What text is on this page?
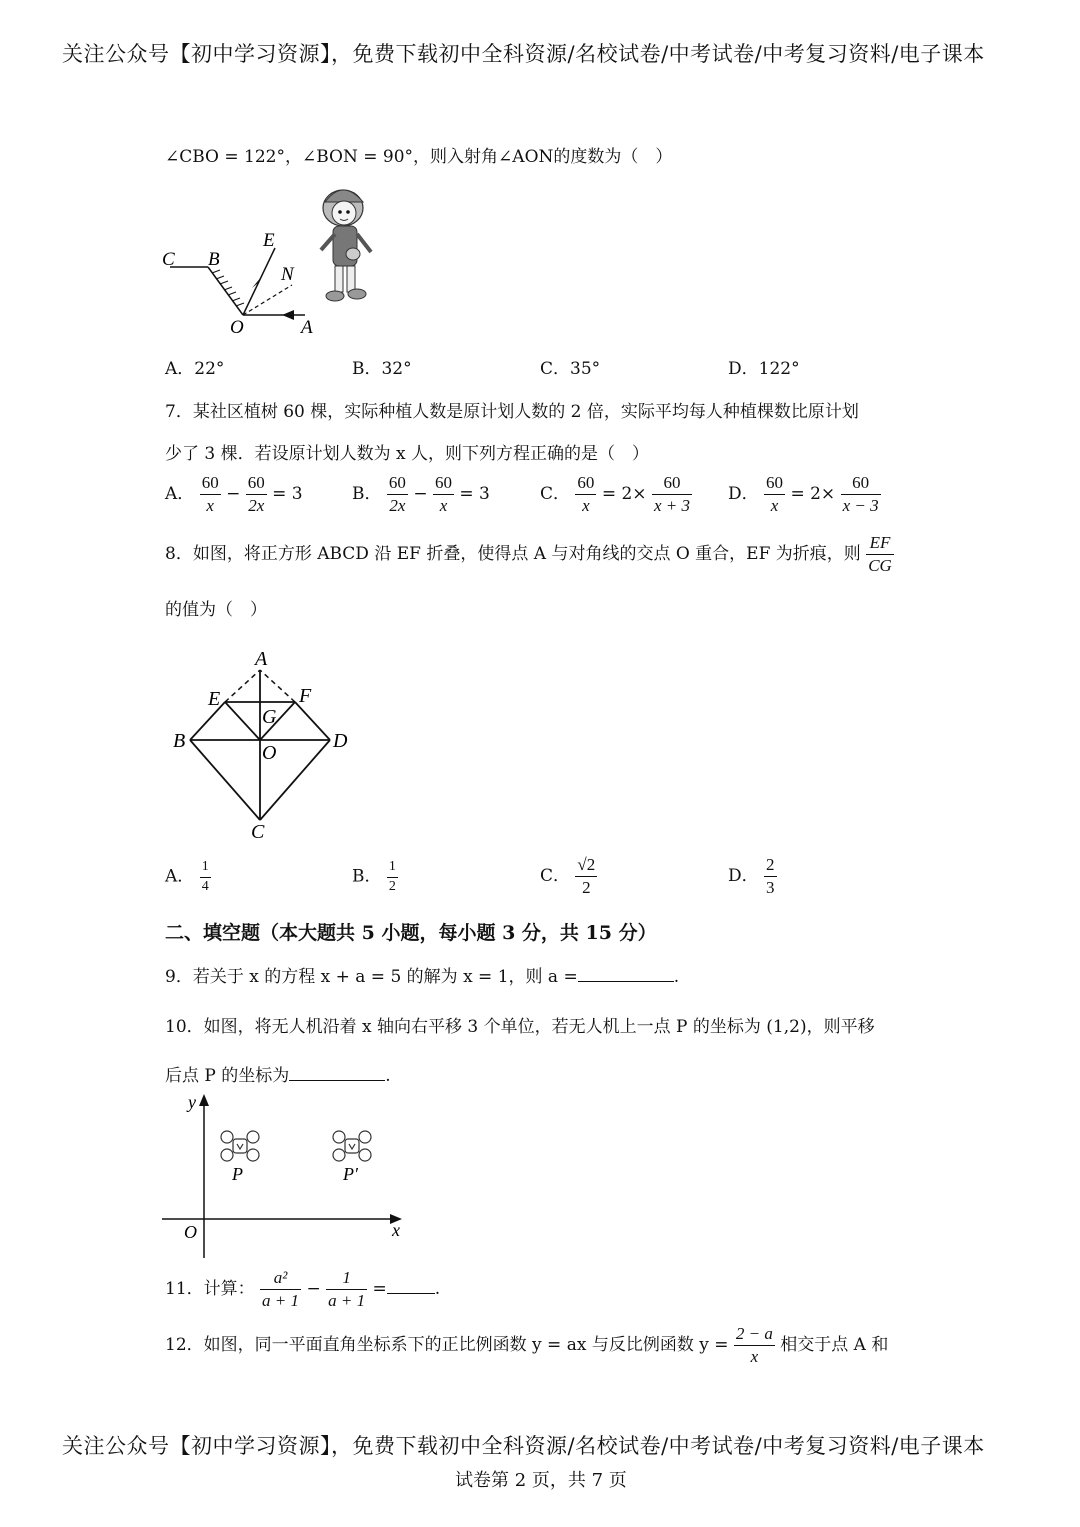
关注公众号【初中学习资源】，免费下载初中全科资源/名校试卷/中考试卷/中考复习资料/电子课本
∠CBO = 122°，∠BON = 90°，则入射角∠AON的度数为（　）
C B
E
N
O	A
A．22°	B．32°	C．35°	D．122°
7．某社区植树 60 棵，实际种植人数是原计划人数的 2 倍，实际平均每人种植棵数比原计划
少了 3 棵．若设原计划人数为 x 人，则下列方程正确的是（　）
A． $\frac{60}{x} - \frac{60}{2x} = 3$	B． $\frac{60}{2x} - \frac{60}{x} = 3$	C． $\frac{60}{x} = 2\times \frac{60}{x + 3}$ D． $\frac{60}{x} = 2\times \frac{60}{x - 3}$
8．如图，将正方形 ABCD 沿 EF 折叠，使得点 A 与对角线的交点 O 重合，EF 为折痕，则 $\frac{EF}{CG}$
的值为（　）
A
E	F
G
B
O
D
C
A． $\frac{1}{4}$	B． $\frac{1}{2}$	C． $\frac{√2}{2}$	D． $\frac{2}{3}$
二、填空题（本大题共 5 小题，每小题 3 分，共 15 分）
9．若关于 x 的方程 x + a = 5 的解为 x = 1，则 a =	.
10．如图，将无人机沿着 x 轴向右平移 3 个单位，若无人机上一点 P 的坐标为 (1,2)，则平移
后点 P 的坐标为	.
y
x
O
P	P′
11．计算： $\frac{\text{a²}}{a + 1} - \frac{1}{a + 1}$ =	.
12．如图，同一平面直角坐标系下的正比例函数 y = ax 与反比例函数 $y = \frac{2 - a}{x}$ 相交于点 A 和
关注公众号【初中学习资源】，免费下载初中全科资源/名校试卷/中考试卷/中考复习资料/电子课本
试卷第 2 页，共 7 页
